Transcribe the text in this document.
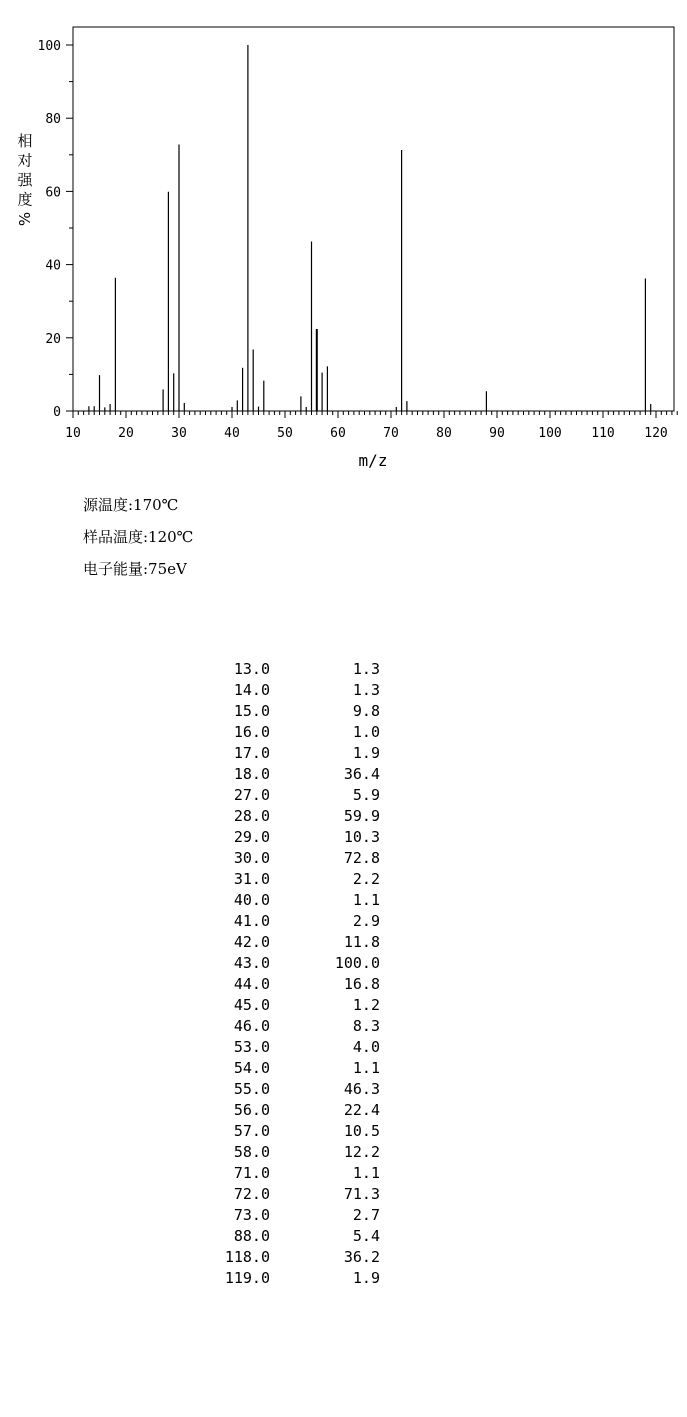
0
20
40
60
80
100
10	20	30	40	50	60	70	80	90	100 110 120
m/z
相
对
强
度
%
源温度:170℃
样品温度:120℃
电子能量:75eV
13.0	1.3
14.0	1.3
15.0	9.8
16.0	1.0
17.0	1.9
18.0	36.4
27.0	5.9
28.0	59.9
29.0	10.3
30.0	72.8
31.0	2.2
40.0	1.1
41.0	2.9
42.0	11.8
43.0	100.0
44.0	16.8
45.0	1.2
46.0	8.3
53.0	4.0
54.0	1.1
55.0	46.3
56.0	22.4
57.0	10.5
58.0	12.2
71.0	1.1
72.0	71.3
73.0	2.7
88.0	5.4
118.0	36.2
119.0	1.9
